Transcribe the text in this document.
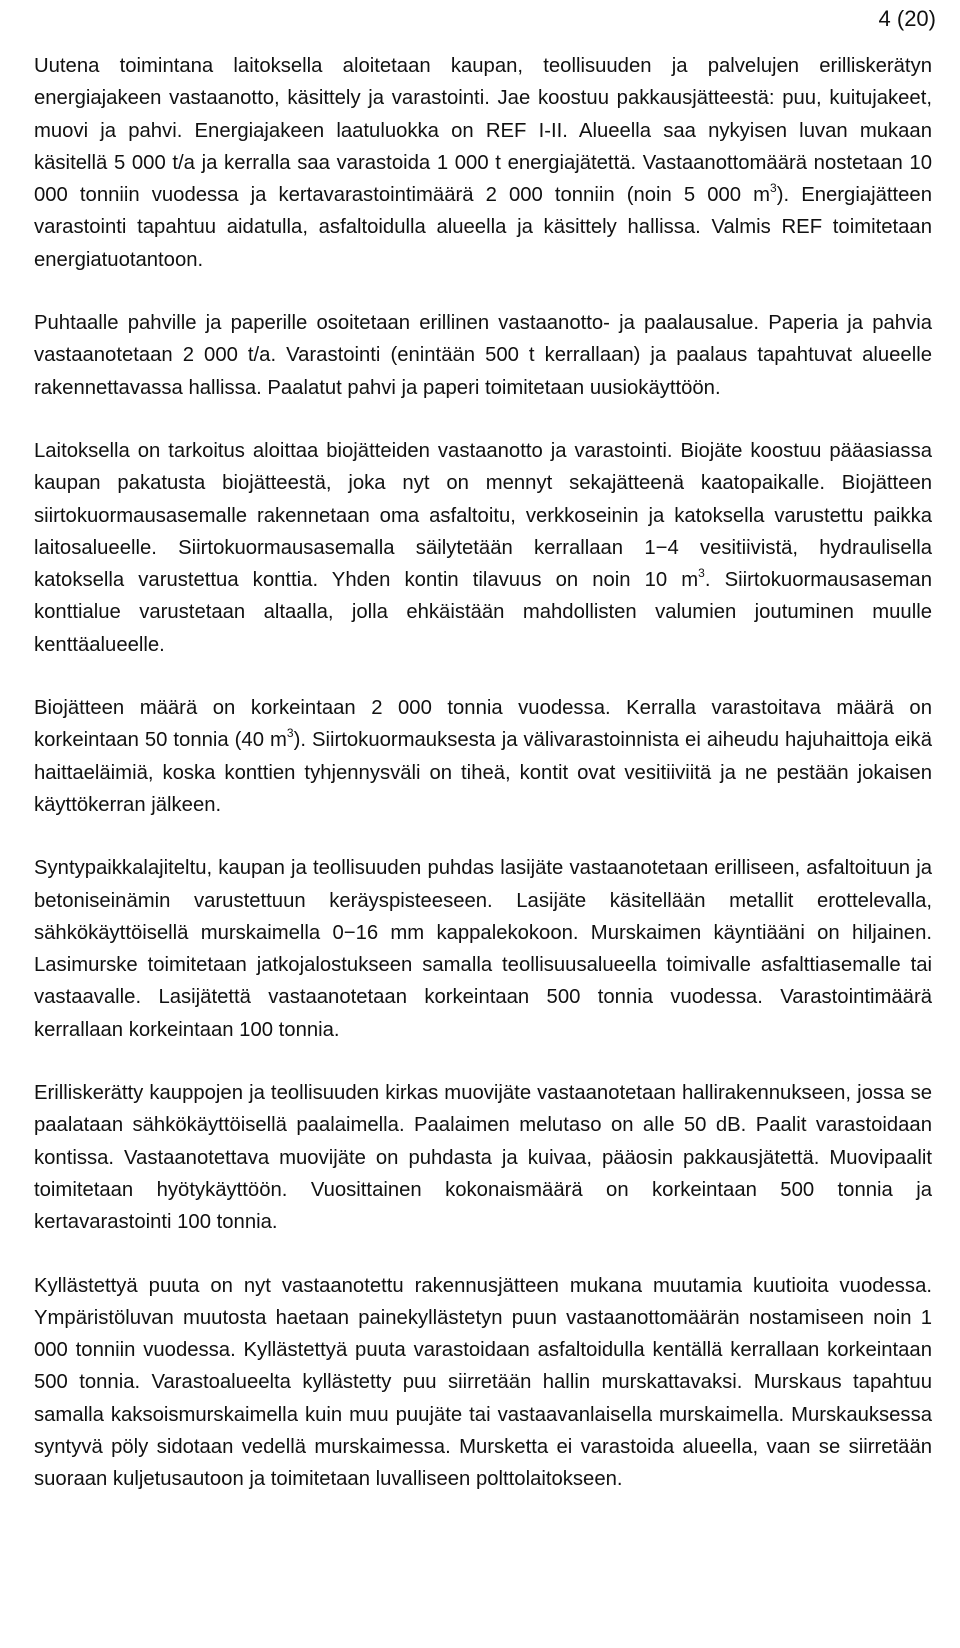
4 (20)

Uutena toimintana laitoksella aloitetaan kaupan, teollisuuden ja palvelujen erilliskerätyn energiajakeen vastaanotto, käsittely ja varastointi. Jae koostuu pakkausjätteestä: puu, kuitujakeet, muovi ja pahvi. Energiajakeen laatuluokka on REF I-II. Alueella saa nykyisen luvan mukaan käsitellä 5 000 t/a ja kerralla saa varastoida 1 000 t energiajätettä. Vastaanottomäärä nostetaan 10 000 tonniin vuodessa ja kertavarastointimäärä 2 000 tonniin (noin 5 000 $m^3$). Energiajätteen varastointi tapahtuu aidatulla, asfaltoidulla alueella ja käsittely hallissa. Valmis REF toimitetaan energiatuotantoon.

Puhtaalle pahville ja paperille osoitetaan erillinen vastaanotto- ja paalausalue. Paperia ja pahvia vastaanotetaan 2 000 t/a. Varastointi (enintään 500 t kerrallaan) ja paalaus tapahtuvat alueelle rakennettavassa hallissa. Paalatut pahvi ja paperi toimitetaan uusiokäyttöön.

Laitoksella on tarkoitus aloittaa biojätteiden vastaanotto ja varastointi. Biojäte koostuu pääasiassa kaupan pakatusta biojätteestä, joka nyt on mennyt sekajätteenä kaatopaikalle. Biojätteen siirtokuormausasemalle rakennetaan oma asfaltoitu, verkkoseinin ja katoksella varustettu paikka laitosalueelle. Siirtokuormausasemalla säilytetään kerrallaan 1−4 vesitiivistä, hydraulisella katoksella varustettua konttia. Yhden kontin tilavuus on noin 10 $m^3$. Siirtokuormausaseman konttialue varustetaan altaalla, jolla ehkäistään mahdollisten valumien joutuminen muulle kenttäalueelle.

Biojätteen määrä on korkeintaan 2 000 tonnia vuodessa. Kerralla varastoitava määrä on korkeintaan 50 tonnia (40 $m^3$). Siirtokuormauksesta ja välivarastoinnista ei aiheudu hajuhaittoja eikä haittaeläimiä, koska konttien tyhjennysväli on tiheä, kontit ovat vesitiiviitä ja ne pestään jokaisen käyttökerran jälkeen.

Syntypaikkalajiteltu, kaupan ja teollisuuden puhdas lasijäte vastaanotetaan erilliseen, asfaltoituun ja betoniseinämin varustettuun keräyspisteeseen. Lasijäte käsitellään metallit erottelevalla, sähkökäyttöisellä murskaimella 0−16 mm kappalekokoon. Murskaimen käyntiääni on hiljainen. Lasimurske toimitetaan jatkojalostukseen samalla teollisuusalueella toimivalle asfalttiasemalle tai vastaavalle. Lasijätettä vastaanotetaan korkeintaan 500 tonnia vuodessa. Varastointimäärä kerrallaan korkeintaan 100 tonnia.

Erilliskerätty kauppojen ja teollisuuden kirkas muovijäte vastaanotetaan hallirakennukseen, jossa se paalataan sähkökäyttöisellä paalaimella. Paalaimen melutaso on alle 50 dB. Paalit varastoidaan kontissa. Vastaanotettava muovijäte on puhdasta ja kuivaa, pääosin pakkausjätettä. Muovipaalit toimitetaan hyötykäyttöön. Vuosittainen kokonaismäärä on korkeintaan 500 tonnia ja kertavarastointi 100 tonnia.

Kyllästettyä puuta on nyt vastaanotettu rakennusjätteen mukana muutamia kuutioita vuodessa. Ympäristöluvan muutosta haetaan painekyllästetyn puun vastaanottomäärän nostamiseen noin 1 000 tonniin vuodessa. Kyllästettyä puuta varastoidaan asfaltoidulla kentällä kerrallaan korkeintaan 500 tonnia. Varastoalueelta kyllästetty puu siirretään hallin murskattavaksi. Murskaus tapahtuu samalla kaksoismurskaimella kuin muu puujäte tai vastaavanlaisella murskaimella. Murskauksessa syntyvä pöly sidotaan vedellä murskaimessa. Mursketta ei varastoida alueella, vaan se siirretään suoraan kuljetusautoon ja toimitetaan luvalliseen polttolaitokseen.
